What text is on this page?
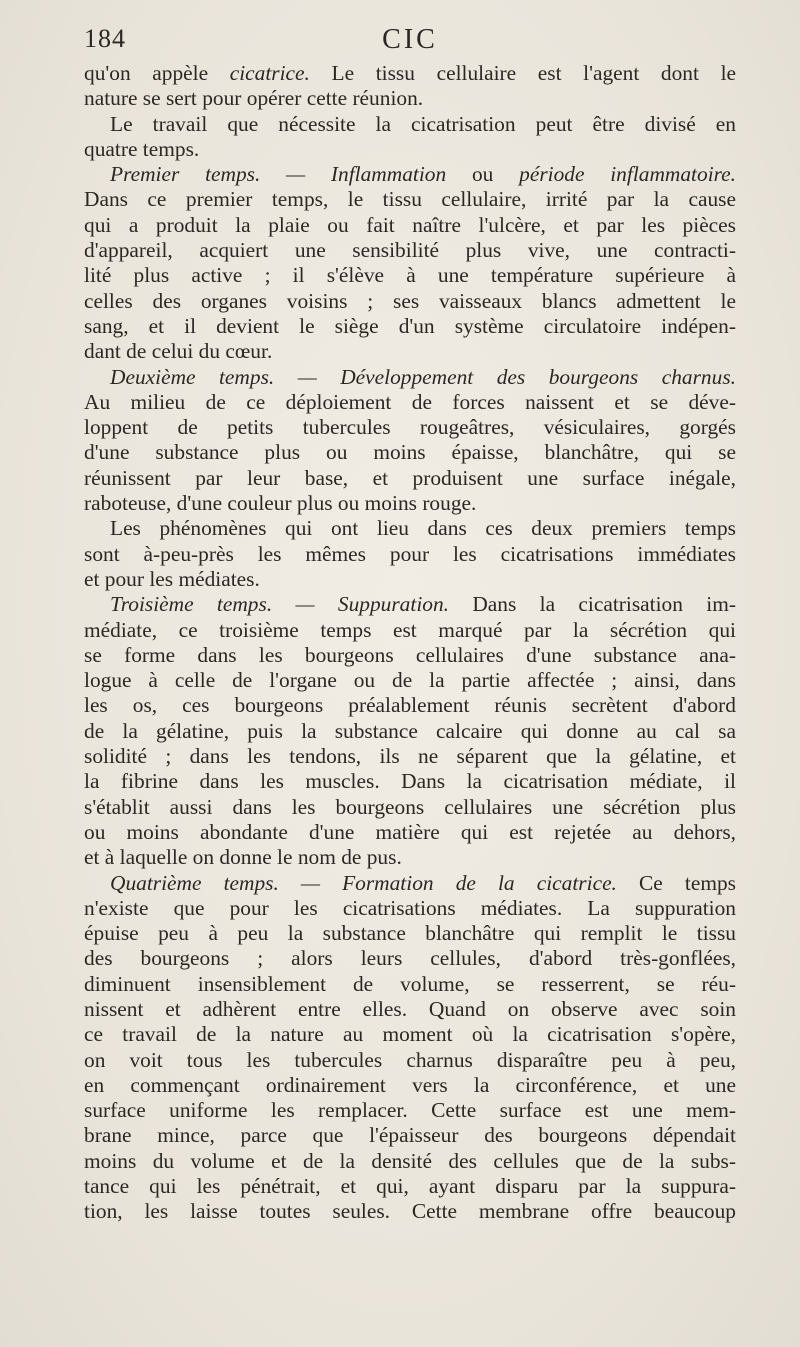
184	CIC
qu'on appèle cicatrice. Le tissu cellulaire est l'agent dont le
nature se sert pour opérer cette réunion.
Le travail que nécessite la cicatrisation peut être divisé en
quatre temps.
Premier temps. — Inflammation ou période inflammatoire.
Dans ce premier temps, le tissu cellulaire, irrité par la cause
qui a produit la plaie ou fait naître l'ulcère, et par les pièces
d'appareil, acquiert une sensibilité plus vive, une contracti-
lité plus active ; il s'élève à une température supérieure à
celles des organes voisins ; ses vaisseaux blancs admettent le
sang, et il devient le siège d'un système circulatoire indépen-
dant de celui du cœur.
Deuxième temps. — Développement des bourgeons charnus.
Au milieu de ce déploiement de forces naissent et se déve-
loppent de petits tubercules rougeâtres, vésiculaires, gorgés
d'une substance plus ou moins épaisse, blanchâtre, qui se
réunissent par leur base, et produisent une surface inégale,
raboteuse, d'une couleur plus ou moins rouge.
Les phénomènes qui ont lieu dans ces deux premiers temps
sont à-peu-près les mêmes pour les cicatrisations immédiates
et pour les médiates.
Troisième temps. — Suppuration. Dans la cicatrisation im-
médiate, ce troisième temps est marqué par la sécrétion qui
se forme dans les bourgeons cellulaires d'une substance ana-
logue à celle de l'organe ou de la partie affectée ; ainsi, dans
les os, ces bourgeons préalablement réunis secrètent d'abord
de la gélatine, puis la substance calcaire qui donne au cal sa
solidité ; dans les tendons, ils ne séparent que la gélatine, et
la fibrine dans les muscles. Dans la cicatrisation médiate, il
s'établit aussi dans les bourgeons cellulaires une sécrétion plus
ou moins abondante d'une matière qui est rejetée au dehors,
et à laquelle on donne le nom de pus.
Quatrième temps. — Formation de la cicatrice. Ce temps
n'existe que pour les cicatrisations médiates. La suppuration
épuise peu à peu la substance blanchâtre qui remplit le tissu
des bourgeons ; alors leurs cellules, d'abord très-gonflées,
diminuent insensiblement de volume, se resserrent, se réu-
nissent et adhèrent entre elles. Quand on observe avec soin
ce travail de la nature au moment où la cicatrisation s'opère,
on voit tous les tubercules charnus disparaître peu à peu,
en commençant ordinairement vers la circonférence, et une
surface uniforme les remplacer. Cette surface est une mem-
brane mince, parce que l'épaisseur des bourgeons dépendait
moins du volume et de la densité des cellules que de la subs-
tance qui les pénétrait, et qui, ayant disparu par la suppura-
tion, les laisse toutes seules. Cette membrane offre beaucoup
